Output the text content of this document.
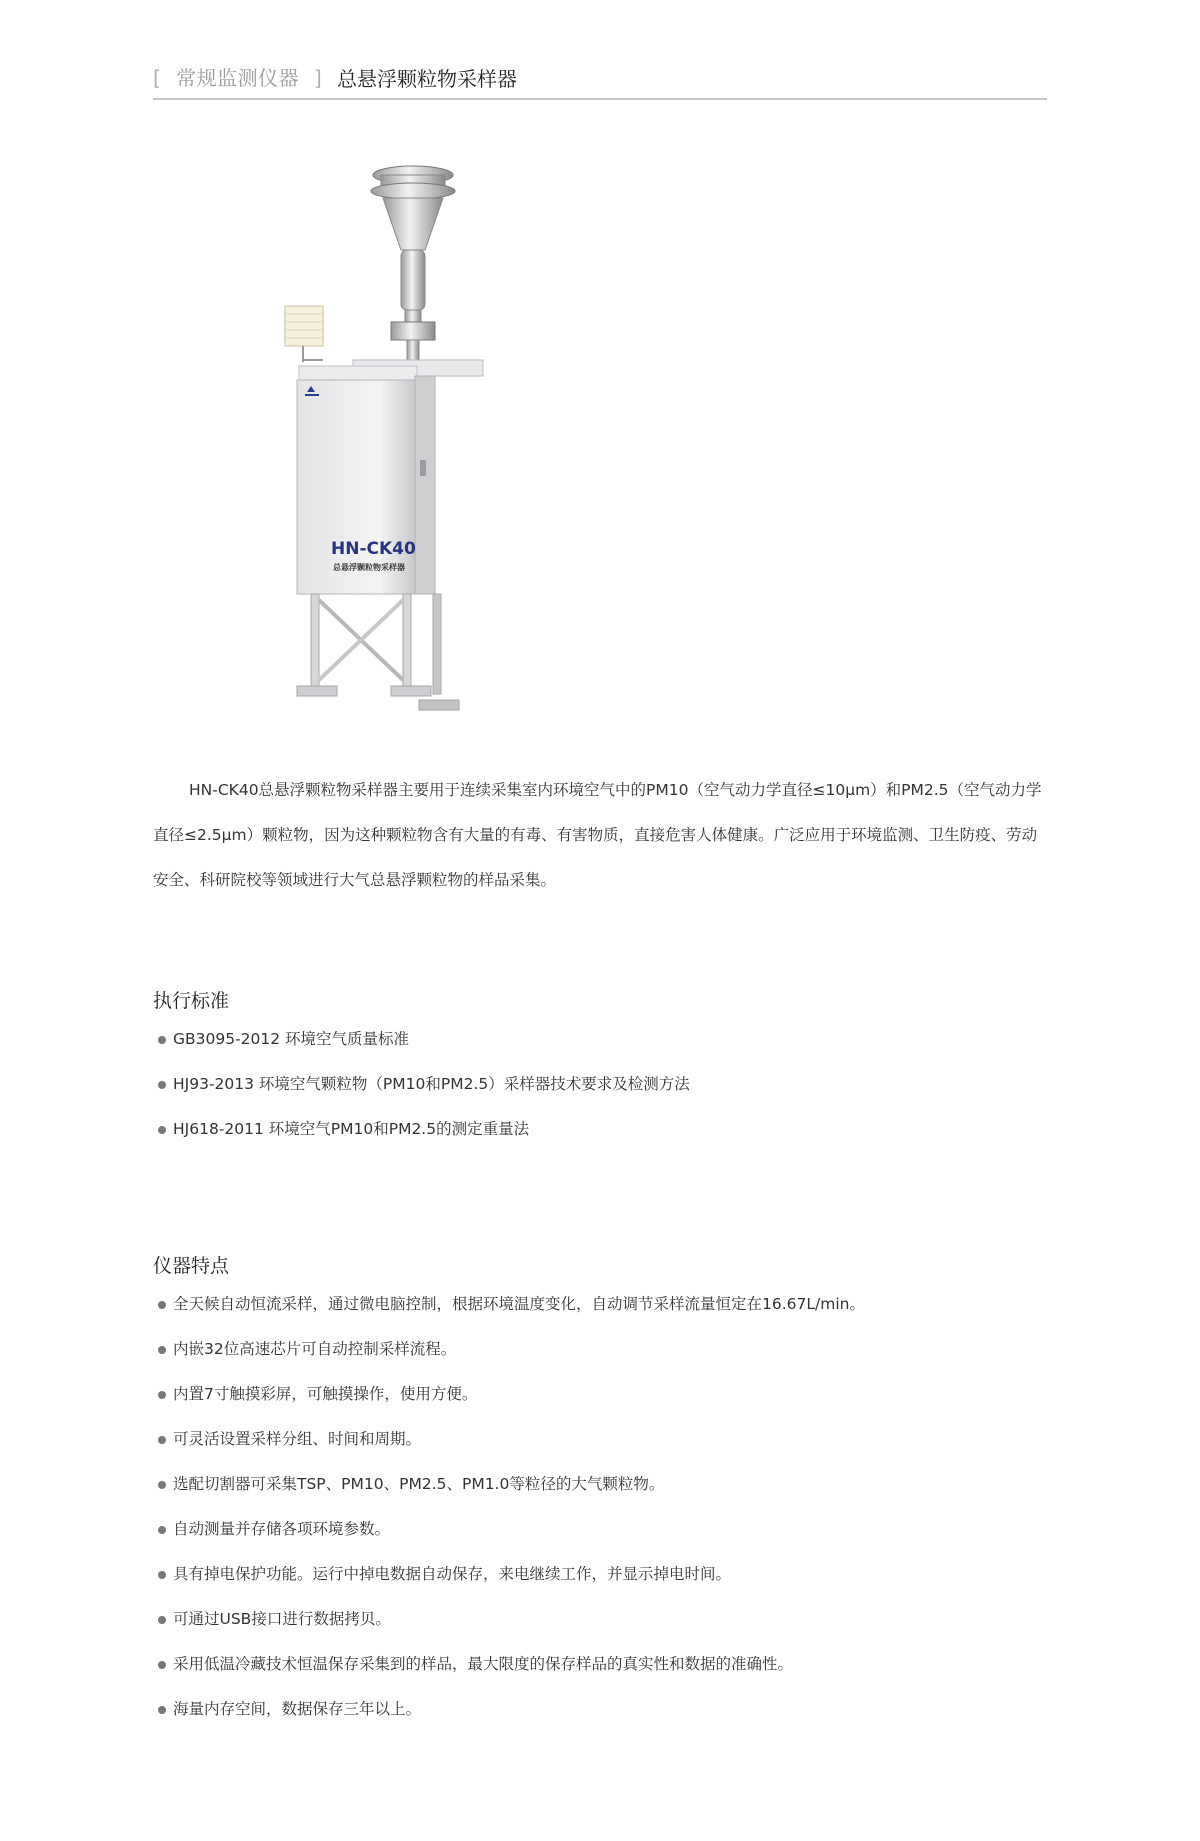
[ 常规监测仪器 ] 总悬浮颗粒物采样器
HN-CK40
总悬浮颗粒物采样器

HN-CK40总悬浮颗粒物采样器主要用于连续采集室内环境空气中的PM10（空气动力学直径≤10μm）和PM2.5（空气动力学直径≤2.5μm）颗粒物，因为这种颗粒物含有大量的有毒、有害物质，直接危害人体健康。广泛应用于环境监测、卫生防疫、劳动安全、科研院校等领域进行大气总悬浮颗粒物的样品采集。

执行标准
GB3095-2012 环境空气质量标准
HJ93-2013 环境空气颗粒物（PM10和PM2.5）采样器技术要求及检测方法
HJ618-2011 环境空气PM10和PM2.5的测定重量法
仪器特点
全天候自动恒流采样，通过微电脑控制，根据环境温度变化，自动调节采样流量恒定在16.67L/min。
内嵌32位高速芯片可自动控制采样流程。
内置7寸触摸彩屏，可触摸操作，使用方便。
可灵活设置采样分组、时间和周期。
选配切割器可采集TSP、PM10、PM2.5、PM1.0等粒径的大气颗粒物。
自动测量并存储各项环境参数。
具有掉电保护功能。运行中掉电数据自动保存，来电继续工作，并显示掉电时间。
可通过USB接口进行数据拷贝。
采用低温冷藏技术恒温保存采集到的样品，最大限度的保存样品的真实性和数据的准确性。
海量内存空间，数据保存三年以上。
